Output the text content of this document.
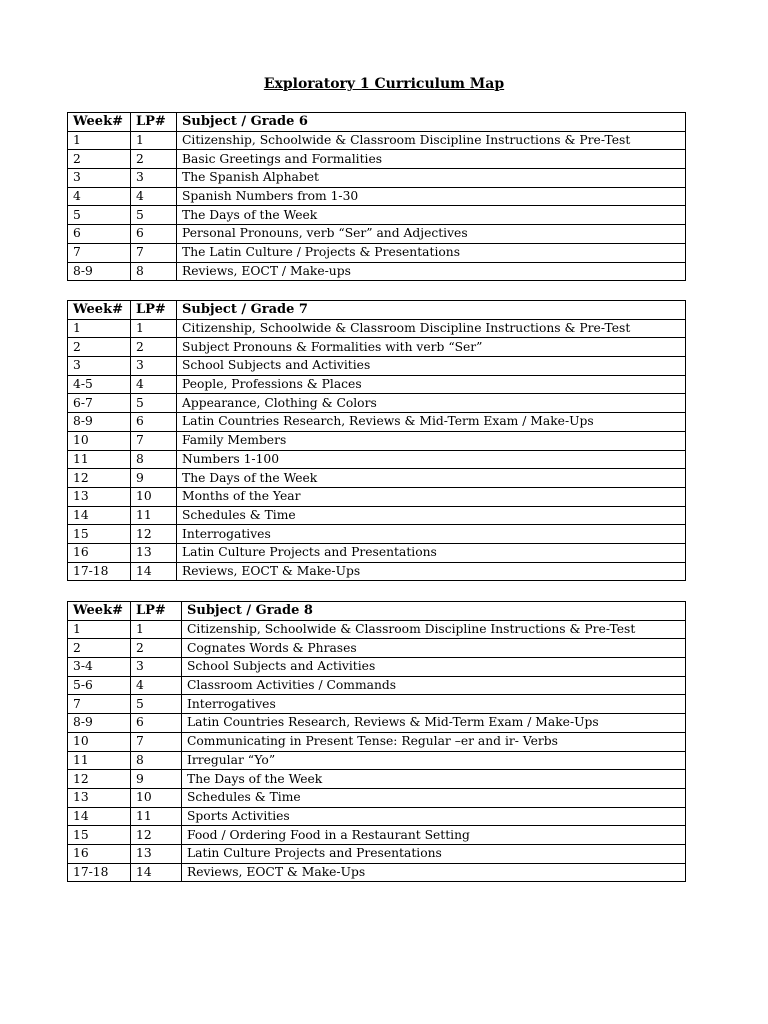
Exploratory 1 Curriculum Map
Week#	LP#	Subject / Grade 6
1	1	Citizenship, Schoolwide & Classroom Discipline Instructions & Pre-Test
2	2	Basic Greetings and Formalities
3	3	The Spanish Alphabet
4	4	Spanish Numbers from 1-30
5	5	The Days of the Week
6	6	Personal Pronouns, verb “Ser” and Adjectives
7	7	The Latin Culture / Projects & Presentations
8-9	8	Reviews, EOCT / Make-ups
Week#	LP#	Subject / Grade 7
1	1	Citizenship, Schoolwide & Classroom Discipline Instructions & Pre-Test
2	2	Subject Pronouns & Formalities with verb “Ser”
3	3	School Subjects and Activities
4-5	4	People, Professions & Places
6-7	5	Appearance, Clothing & Colors
8-9	6	Latin Countries Research, Reviews & Mid-Term Exam / Make-Ups
10	7	Family Members
11	8	Numbers 1-100
12	9	The Days of the Week
13	10	Months of the Year
14	11	Schedules & Time
15	12	Interrogatives
16	13	Latin Culture Projects and Presentations
17-18	14	Reviews, EOCT & Make-Ups
Week#	LP#	Subject / Grade 8
1	1	Citizenship, Schoolwide & Classroom Discipline Instructions & Pre-Test
2	2	Cognates Words & Phrases
3-4	3	School Subjects and Activities
5-6	4	Classroom Activities / Commands
7	5	Interrogatives
8-9	6	Latin Countries Research, Reviews & Mid-Term Exam / Make-Ups
10	7	Communicating in Present Tense: Regular –er and ir- Verbs
11	8	Irregular “Yo”
12	9	The Days of the Week
13	10	Schedules & Time
14	11	Sports Activities
15	12	Food / Ordering Food in a Restaurant Setting
16	13	Latin Culture Projects and Presentations
17-18	14	Reviews, EOCT & Make-Ups
